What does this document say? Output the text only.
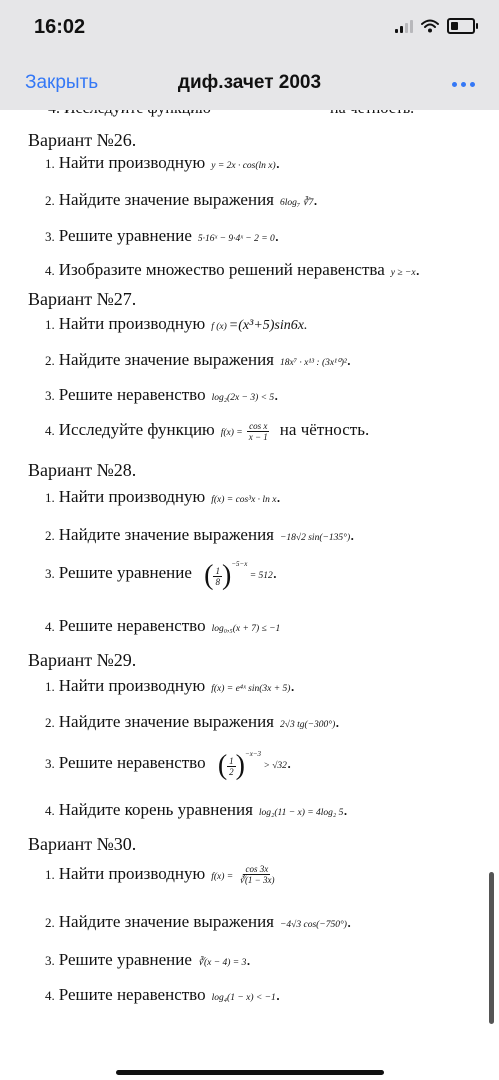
Вариант №26.
1. Найти производную y = 2x · cos(ln x).
2. Найдите значение выражения 6log₇ ∛7.
3. Решите уравнение 5·16ˣ − 9·4ˣ − 2 = 0.
4. Изобразите множество решений неравенства y ≥ −x.
Вариант №27.
1. Найти производную f (x) =(x³+5)sin6x.
2. Найдите значение выражения 18x⁷ · x¹³ : (3x¹⁰)².
3. Решите неравенство log₂(2x − 3) < 5.
4. Исследуйте функцию $f(x) = \frac{\text{cos x}}{x - 1}$ на чётность.
Вариант №28.
1. Найти производную f(x) = cos³x · ln x.
2. Найдите значение выражения −18√2 sin(−135°).
3. Решите уравнение ( $\frac{1}{8} )^{-5-x} = 512$.
4. Решите неравенство log₀,₅(x + 7) ≤ −1
Вариант №29.
1. Найти производную f(x) = e⁴ˣ sin(3x + 5).
2. Найдите значение выражения 2√3 tg(−300°).
3. Решите неравенство ( $\frac{1}{2} )^{-x-3} > √32$.
4. Найдите корень уравнения log₂(11 − x) = 4log₂ 5.
Вариант №30.
1. Найти производную $f(x) = \frac{\cos 3x}{∛(1 - 3x)}$
2. Найдите значение выражения −4√3 cos(−750°).
3. Решите уравнение ∛(x − 4) = 3.
4. Решите неравенство log₄(1 − x) < −1.
16:02
Закрыть	диф.зачет 2003
